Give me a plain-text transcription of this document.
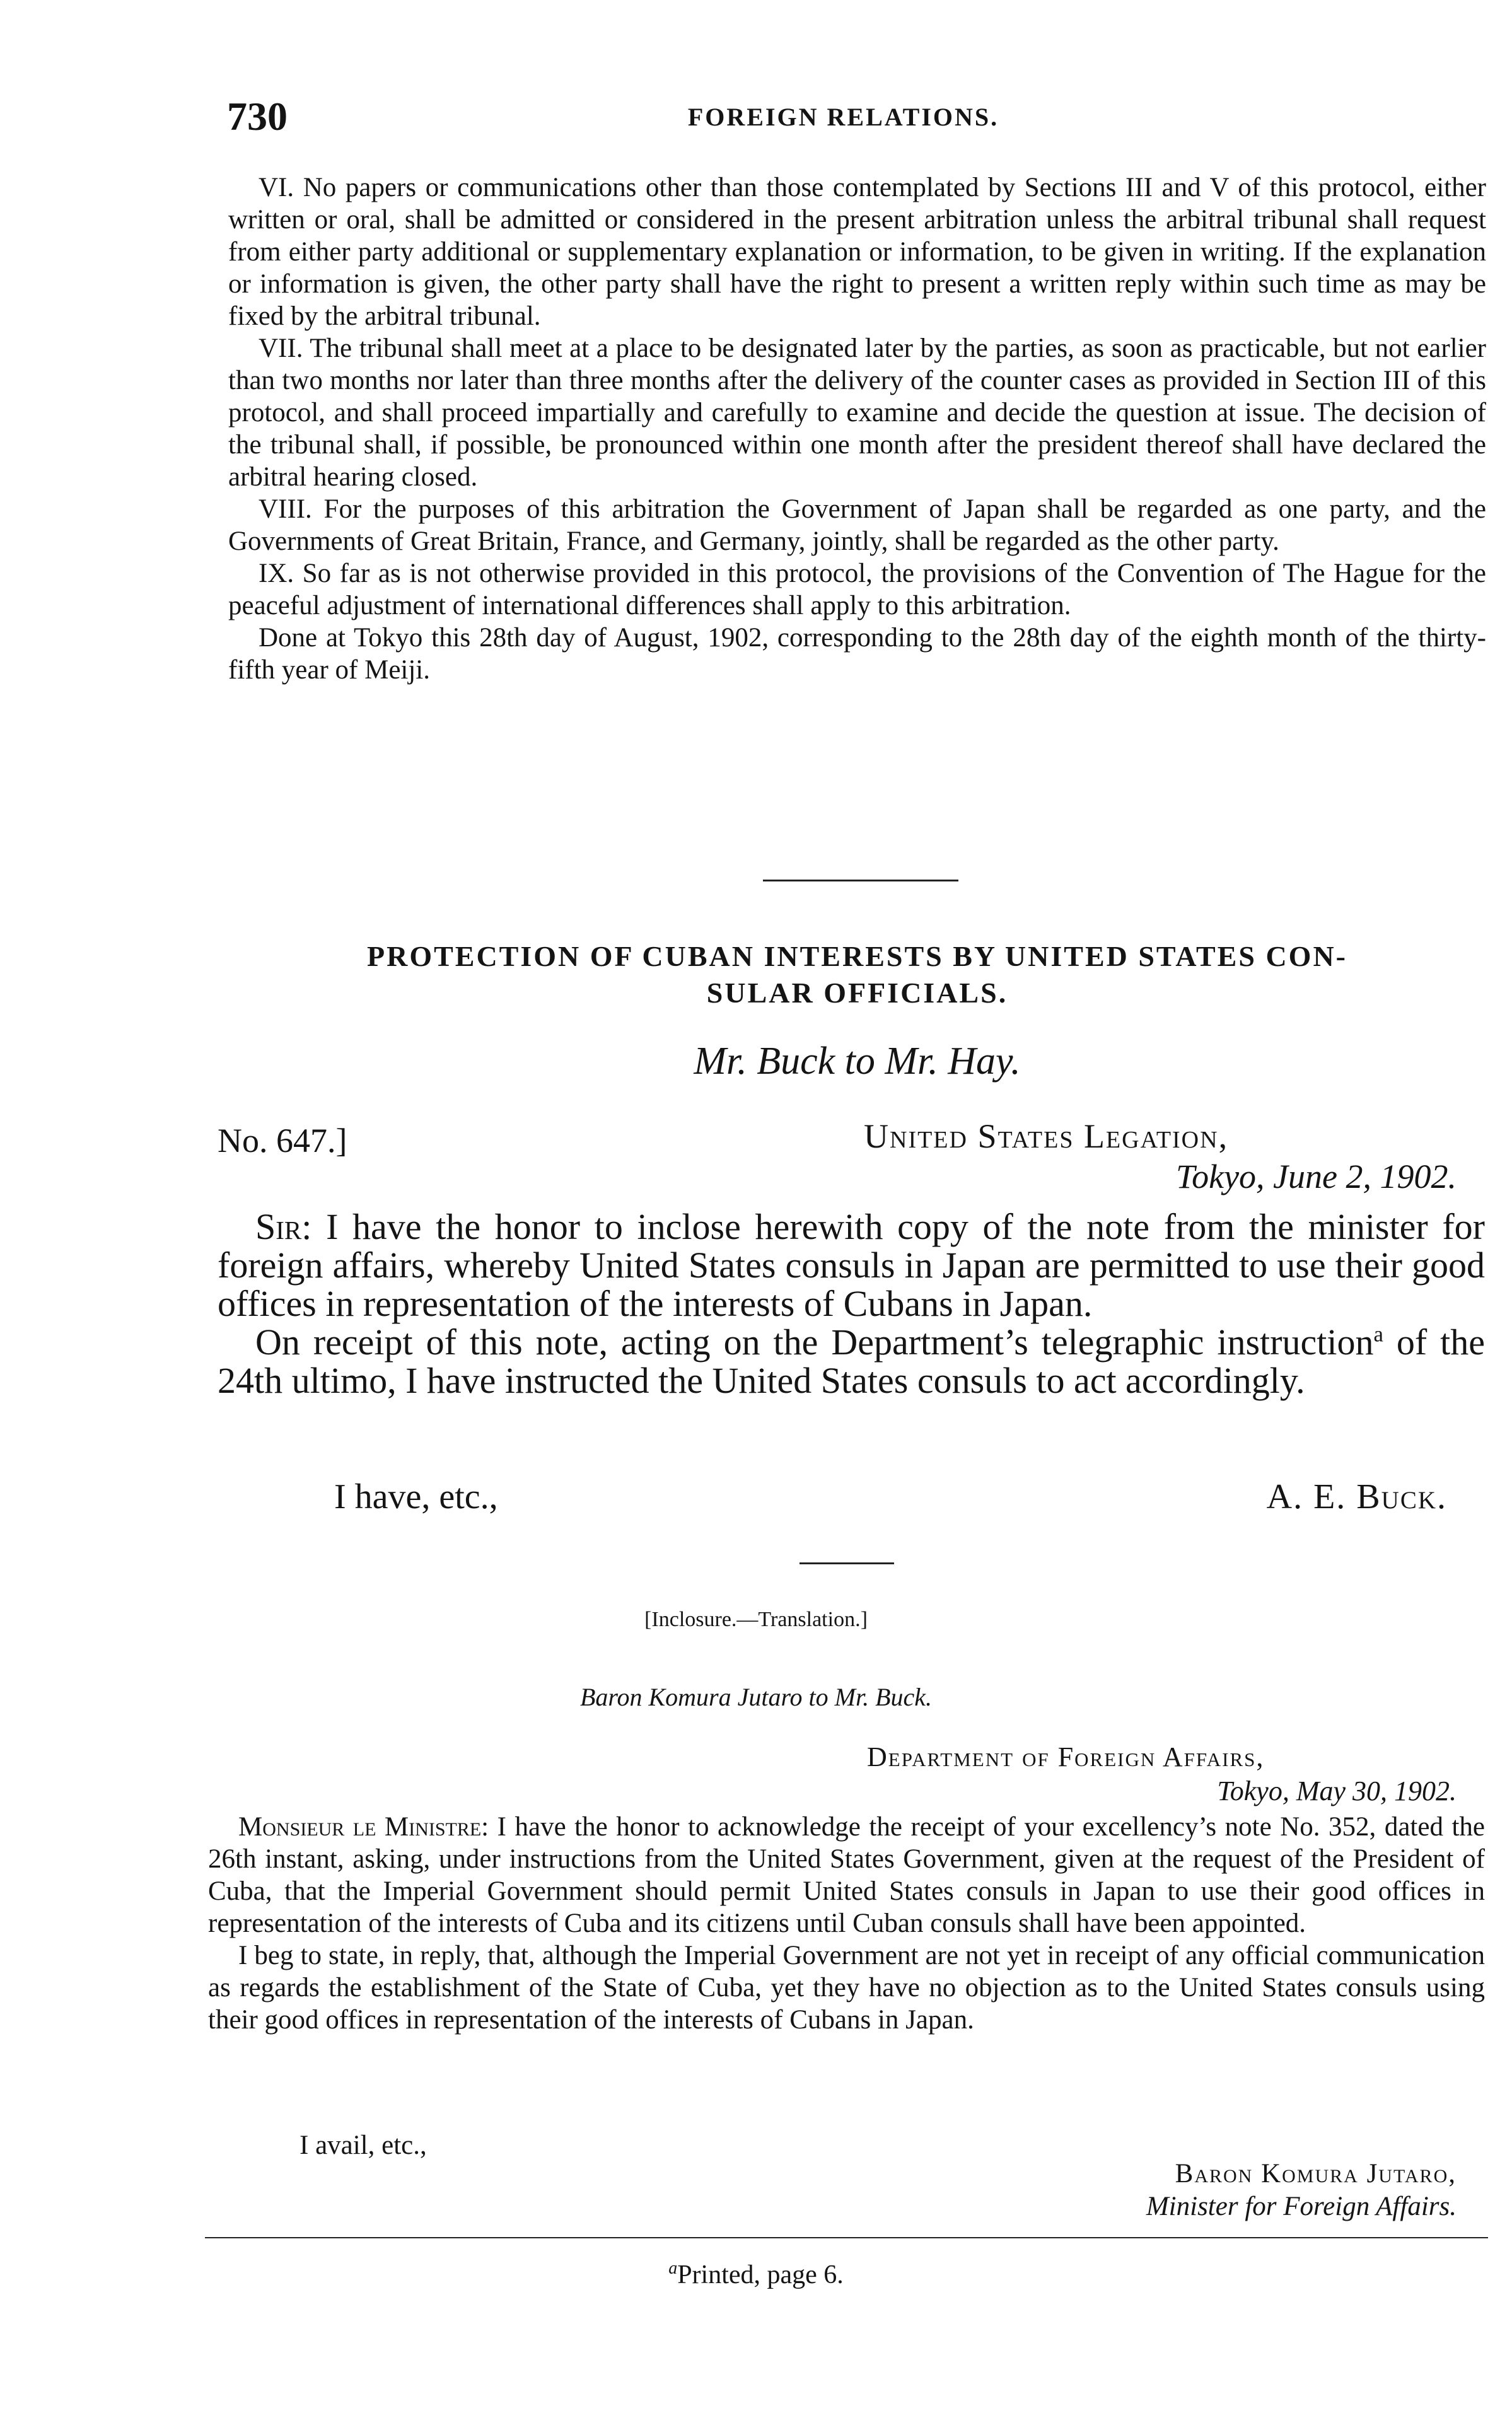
730	FOREIGN RELATIONS.

VI. No papers or communications other than those contemplated by Sections III and V of this protocol, either written or oral, shall be admitted or considered in the present arbitration unless the arbitral tribunal shall request from either party additional or supplementary explanation or information, to be given in writing. If the explanation or information is given, the other party shall have the right to present a written reply within such time as may be fixed by the arbitral tribunal.

VII. The tribunal shall meet at a place to be designated later by the parties, as soon as practicable, but not earlier than two months nor later than three months after the delivery of the counter cases as provided in Section III of this protocol, and shall proceed impartially and carefully to examine and decide the question at issue. The decision of the tribunal shall, if possible, be pronounced within one month after the president thereof shall have declared the arbitral hearing closed.

VIII. For the purposes of this arbitration the Government of Japan shall be regarded as one party, and the Governments of Great Britain, France, and Germany, jointly, shall be regarded as the other party.

IX. So far as is not otherwise provided in this protocol, the provisions of the Convention of The Hague for the peaceful adjustment of international differences shall apply to this arbitration.

Done at Tokyo this 28th day of August, 1902, corresponding to the 28th day of the eighth month of the thirty-fifth year of Meiji.

PROTECTION OF CUBAN INTERESTS BY UNITED STATES CON-
SULAR OFFICIALS.
Mr. Buck to Mr. Hay.
No. 647.]	United States Legation,
Tokyo, June 2, 1902.

Sir: I have the honor to inclose herewith copy of the note from the minister for foreign affairs, whereby United States consuls in Japan are permitted to use their good offices in representation of the interests of Cubans in Japan.

On receipt of this note, acting on the Department’s telegraphic instruction$^a$ of the 24th ultimo, I have instructed the United States consuls to act accordingly.

I have, etc.,	A. E. Buck.
[Inclosure.—Translation.]
Baron Komura Jutaro to Mr. Buck.
Department of Foreign Affairs,
Tokyo, May 30, 1902.

Monsieur le Ministre: I have the honor to acknowledge the receipt of your excellency’s note No. 352, dated the 26th instant, asking, under instructions from the United States Government, given at the request of the President of Cuba, that the Imperial Government should permit United States consuls in Japan to use their good offices in representation of the interests of Cuba and its citizens until Cuban consuls shall have been appointed.

I beg to state, in reply, that, although the Imperial Government are not yet in receipt of any official communication as regards the establishment of the State of Cuba, yet they have no objection as to the United States consuls using their good offices in representation of the interests of Cubans in Japan.

I avail, etc.,
Baron Komura Jutaro,
Minister for Foreign Affairs.
$^a$Printed, page 6.
